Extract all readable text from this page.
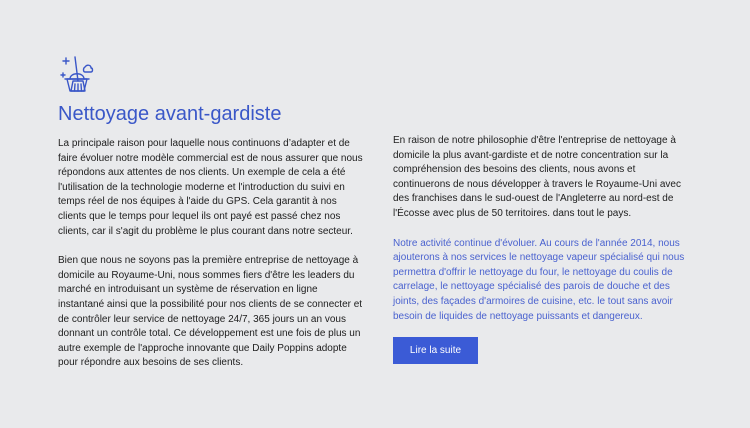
Nettoyage avant-gardiste

La principale raison pour laquelle nous continuons d’adapter et de faire évoluer notre modèle commercial est de nous assurer que nous répondons aux attentes de nos clients. Un exemple de cela a été l'utilisation de la technologie moderne et l'introduction du suivi en temps réel de nos équipes à l'aide du GPS. Cela garantit à nos clients que le temps pour lequel ils ont payé est passé chez nos clients, car il s'agit du problème le plus courant dans notre secteur.

Bien que nous ne soyons pas la première entreprise de nettoyage à domicile au Royaume-Uni, nous sommes fiers d'être les leaders du marché en introduisant un système de réservation en ligne instantané ainsi que la possibilité pour nos clients de se connecter et de contrôler leur service de nettoyage 24/7, 365 jours un an vous donnant un contrôle total. Ce développement est une fois de plus un autre exemple de l'approche innovante que Daily Poppins adopte pour répondre aux besoins de ses clients.

En raison de notre philosophie d'être l'entreprise de nettoyage à domicile la plus avant-gardiste et de notre concentration sur la compréhension des besoins des clients, nous avons et continuerons de nous développer à travers le Royaume-Uni avec des franchises dans le sud-ouest de l'Angleterre au nord-est de l'Écosse avec plus de 50 territoires. dans tout le pays.

Notre activité continue d'évoluer. Au cours de l'année 2014, nous ajouterons à nos services le nettoyage vapeur spécialisé qui nous permettra d'offrir le nettoyage du four, le nettoyage du coulis de carrelage, le nettoyage spécialisé des parois de douche et des joints, des façades d'armoires de cuisine, etc. le tout sans avoir besoin de liquides de nettoyage puissants et dangereux.

Lire la suite
